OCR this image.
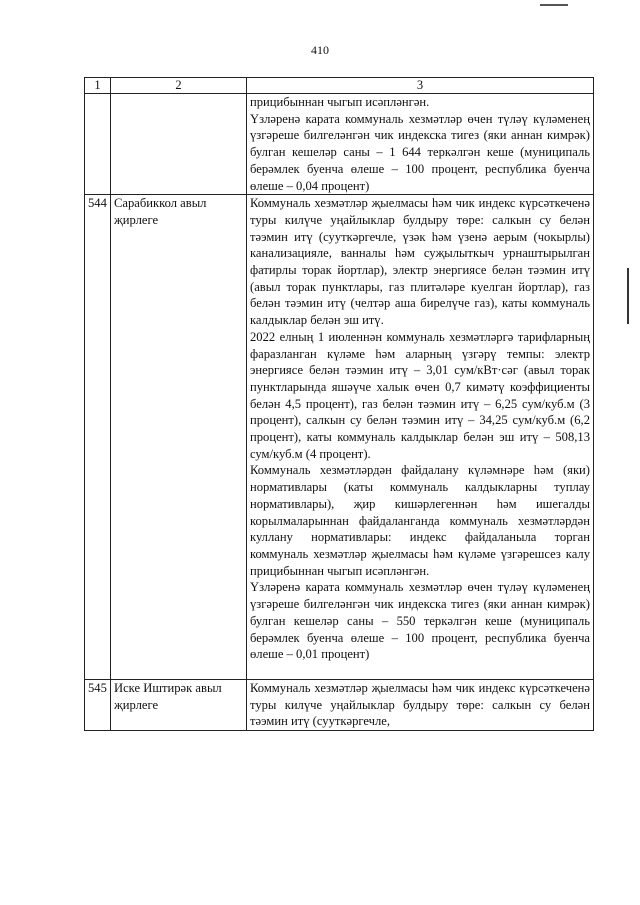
410
1	2	3

		прицибыннан чыгып исәпләнгән.

Үзләренә карата коммуналь хезмәтләр өчен түләү күләменең үзгәреше билгеләнгән чик индекска тигез (яки аннан кимрәк) булган кешеләр саны – 1 644 теркәлгән кеше (муниципаль берәмлек буенча өлеше – 100 процент, республика буенча өлеше – 0,04 процент)

544	Сарабиккол авыл җирлеге	Коммуналь хезмәтләр җыелмасы һәм чик индекс күрсәткеченә туры килүче уңайлыклар булдыру төре: салкын су белән тәэмин итү (сууткәргечле, үзәк һәм үзенә аерым (чокырлы) канализацияле, ванналы һәм суҗылыткыч урнаштырылган фатирлы торак йортлар), электр энергиясе белән тәэмин итү (авыл торак пунктлары, газ плитәләре куелган йортлар), газ белән тәэмин итү (челтәр аша бирелүче газ), каты коммуналь калдыклар белән эш итү.

2022 елның 1 июленнән коммуналь хезмәтләргә тарифларның фаразланган күләме һәм аларның үзгәрү темпы: электр энергиясе белән тәэмин итү – 3,01 сум/кВт·сәг (авыл торак пунктларында яшәүче халык өчен 0,7 кимәтү коэффициенты белән 4,5 процент), газ белән тәэмин итү – 6,25 сум/куб.м (3 процент), салкын су белән тәэмин итү – 34,25 сум/куб.м (6,2 процент), каты коммуналь калдыклар белән эш итү – 508,13 сум/куб.м (4 процент).

Коммуналь хезмәтләрдән файдалану күләмнәре һәм (яки) нормативлары (каты коммуналь калдыкларны туплау нормативлары), җир кишәрлегеннән һәм ишегалды корылмаларыннан файдаланганда коммуналь хезмәтләрдән куллану нормативлары: индекс файдаланыла торган коммуналь хезмәтләр җыелмасы һәм күләме үзгәрешсез калу прицибыннан чыгып исәпләнгән.

Үзләренә карата коммуналь хезмәтләр өчен түләү күләменең үзгәреше билгеләнгән чик индекска тигез (яки аннан кимрәк) булган кешеләр саны – 550 теркәлгән кеше (муниципаль берәмлек буенча өлеше – 100 процент, республика буенча өлеше – 0,01 процент)

545	Иске Иштирәк авыл җирлеге	Коммуналь хезмәтләр җыелмасы һәм чик индекс күрсәткеченә туры килүче уңайлыклар булдыру төре: салкын су белән тәэмин итү (сууткәргечле,
